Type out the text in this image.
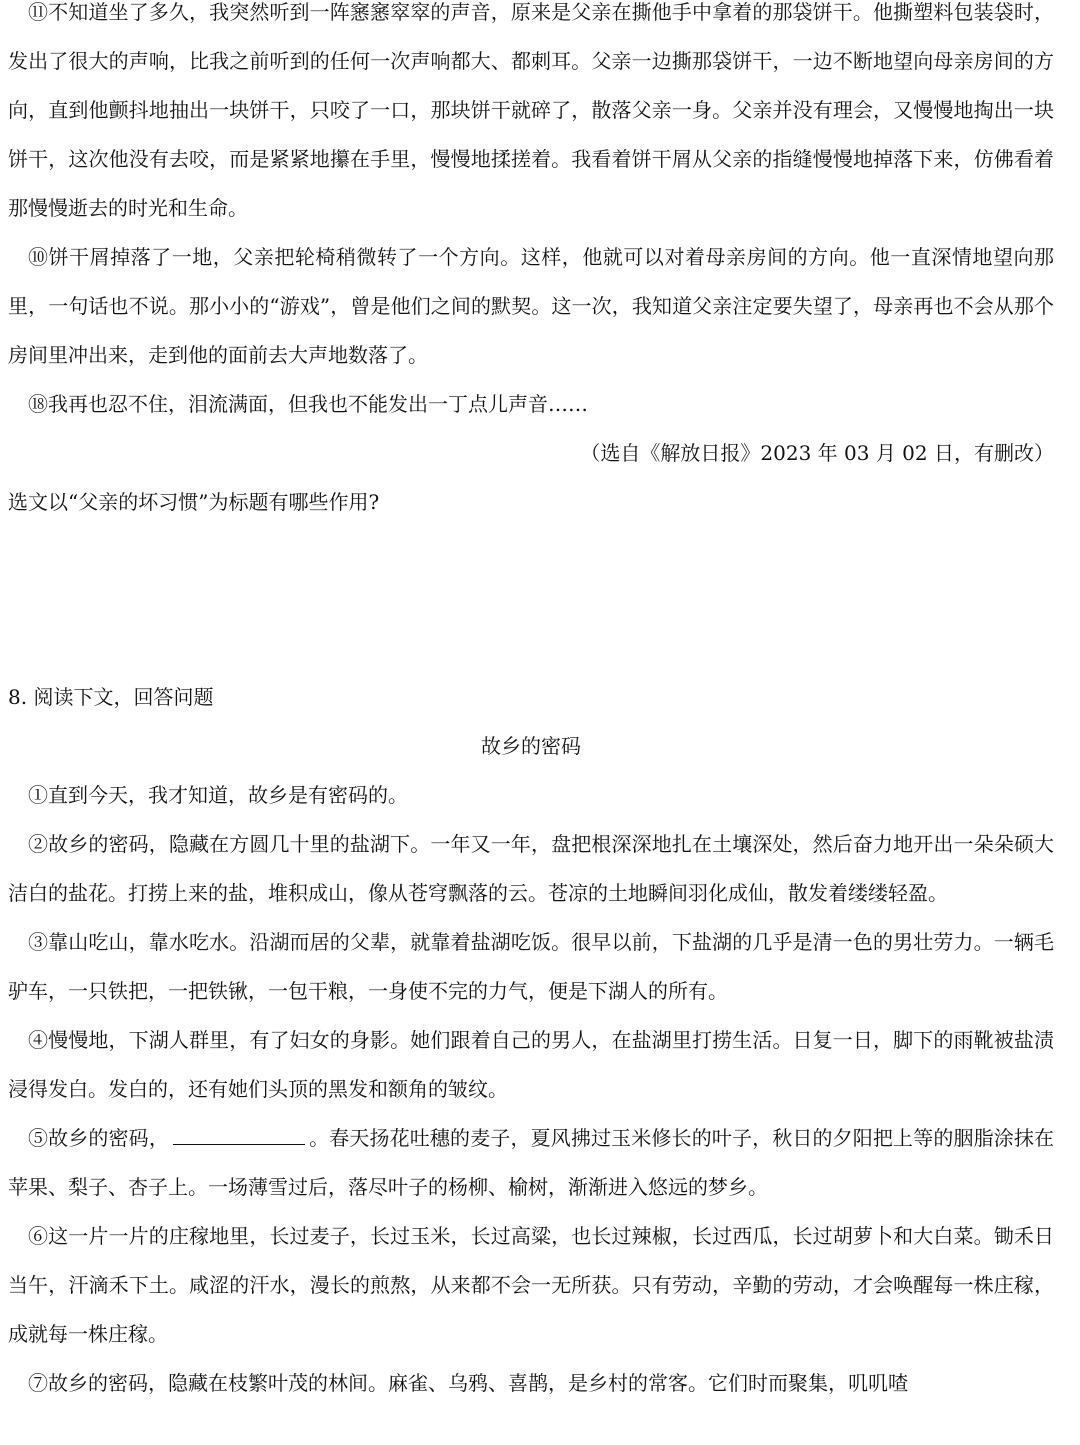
⑪不知道坐了多久，我突然听到一阵窸窸窣窣的声音，原来是父亲在撕他手中拿着的那袋饼干。他撕塑料包装袋时，发出了很大的声响，比我之前听到的任何一次声响都大、都刺耳。父亲一边撕那袋饼干，一边不断地望向母亲房间的方向，直到他颤抖地抽出一块饼干，只咬了一口，那块饼干就碎了，散落父亲一身。父亲并没有理会，又慢慢地掏出一块饼干，这次他没有去咬，而是紧紧地攥在手里，慢慢地揉搓着。我看着饼干屑从父亲的指缝慢慢地掉落下来，仿佛看着那慢慢逝去的时光和生命。

⑩饼干屑掉落了一地，父亲把轮椅稍微转了一个方向。这样，他就可以对着母亲房间的方向。他一直深情地望向那里，一句话也不说。那小小的“游戏”，曾是他们之间的默契。这一次，我知道父亲注定要失望了，母亲再也不会从那个房间里冲出来，走到他的面前去大声地数落了。

⑱我再也忍不住，泪流满面，但我也不能发出一丁点儿声音……

（选自《解放日报》2023 年 03 月 02 日，有删改）

选文以“父亲的坏习惯”为标题有哪些作用?

8. 阅读下文，回答问题

故乡的密码

①直到今天，我才知道，故乡是有密码的。

②故乡的密码，隐藏在方圆几十里的盐湖下。一年又一年，盘把根深深地扎在土壤深处，然后奋力地开出一朵朵硕大洁白的盐花。打捞上来的盐，堆积成山，像从苍穹飘落的云。苍凉的土地瞬间羽化成仙，散发着缕缕轻盈。

③靠山吃山，靠水吃水。沿湖而居的父辈，就靠着盐湖吃饭。很早以前，下盐湖的几乎是清一色的男壮劳力。一辆毛驴车，一只铁把，一把铁锹，一包干粮，一身使不完的力气，便是下湖人的所有。

④慢慢地，下湖人群里，有了妇女的身影。她们跟着自己的男人，在盐湖里打捞生活。日复一日，脚下的雨靴被盐渍浸得发白。发白的，还有她们头顶的黑发和额角的皱纹。

⑤故乡的密码，	。春天扬花吐穗的麦子，夏风拂过玉米修长的叶子，秋日的夕阳把上等的胭脂涂抹在苹果、梨子、杏子上。一场薄雪过后，落尽叶子的杨柳、榆树，渐渐进入悠远的梦乡。

⑥这一片一片的庄稼地里，长过麦子，长过玉米，长过高粱，也长过辣椒，长过西瓜，长过胡萝卜和大白菜。锄禾日当午，汗滴禾下土。咸涩的汗水，漫长的煎熬，从来都不会一无所获。只有劳动，辛勤的劳动，才会唤醒每一株庄稼，成就每一株庄稼。

⑦故乡的密码，隐藏在枝繁叶茂的林间。麻雀、乌鸦、喜鹊，是乡村的常客。它们时而聚集，叽叽喳
